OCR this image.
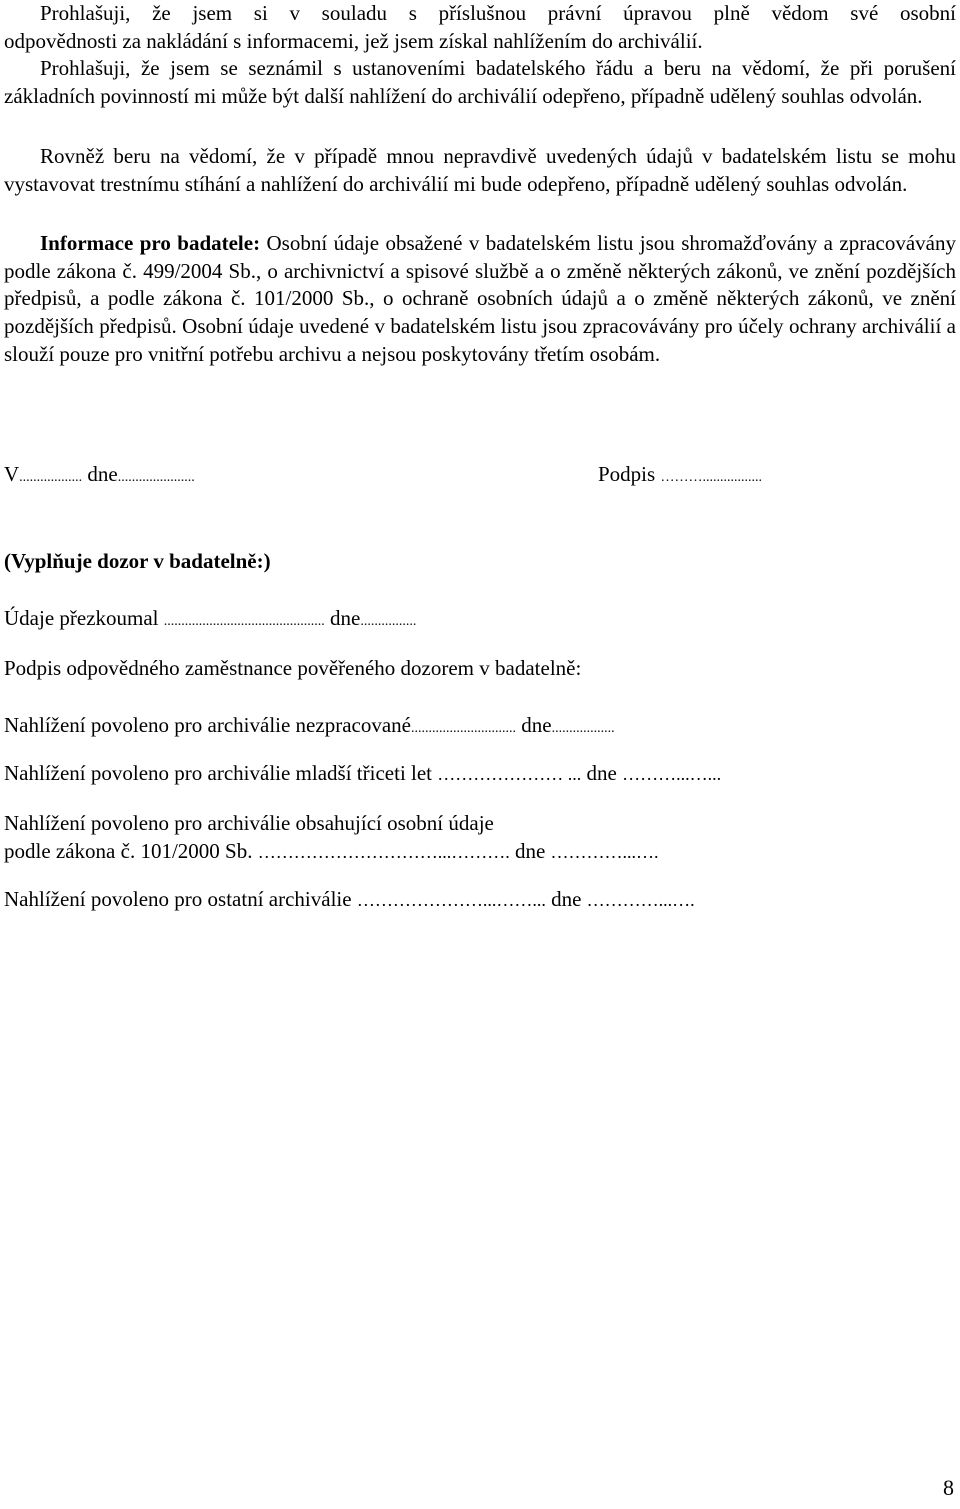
Prohlašuji, že jsem si v souladu s příslušnou právní úpravou plně vědom své osobní

odpovědnosti za nakládání s informacemi, jež jsem získal nahlížením do archiválií.

Prohlašuji, že jsem se seznámil s ustanoveními badatelského řádu a beru na vědomí, že při porušení základních povinností mi může být další nahlížení do archiválií odepřeno, případně udělený souhlas odvolán.

Rovněž beru na vědomí, že v případě mnou nepravdivě uvedených údajů v badatelském listu se mohu vystavovat trestnímu stíhání a nahlížení do archiválií mi bude odepřeno, případně udělený souhlas odvolán.

Informace pro badatele: Osobní údaje obsažené v badatelském listu jsou shromažďovány a zpracovávány podle zákona č. 499/2004 Sb., o archivnictví a spisové službě a o změně některých zákonů, ve znění pozdějších předpisů, a podle zákona č. 101/2000 Sb., o ochraně osobních údajů a o změně některých zákonů, ve znění pozdějších předpisů. Osobní údaje uvedené v badatelském listu jsou zpracovávány pro účely ochrany archiválií a slouží pouze pro vnitřní potřebu archivu a nejsou poskytovány třetím osobám.

V.................. dne......................	Podpis ……….................
(Vyplňuje dozor v badatelně:)
Údaje přezkoumal .............................................. dne................
Podpis odpovědného zaměstnance pověřeného dozorem v badatelně:
Nahlížení povoleno pro archiválie nezpracované.............................. dne..................
Nahlížení povoleno pro archiválie mladší třiceti let ………………… ... dne ………...…...
Nahlížení povoleno pro archiválie obsahující osobní údaje
podle zákona č. 101/2000 Sb. …………………………...………. dne …………...….
Nahlížení povoleno pro ostatní archiválie …………………...……... dne …………...….
8
